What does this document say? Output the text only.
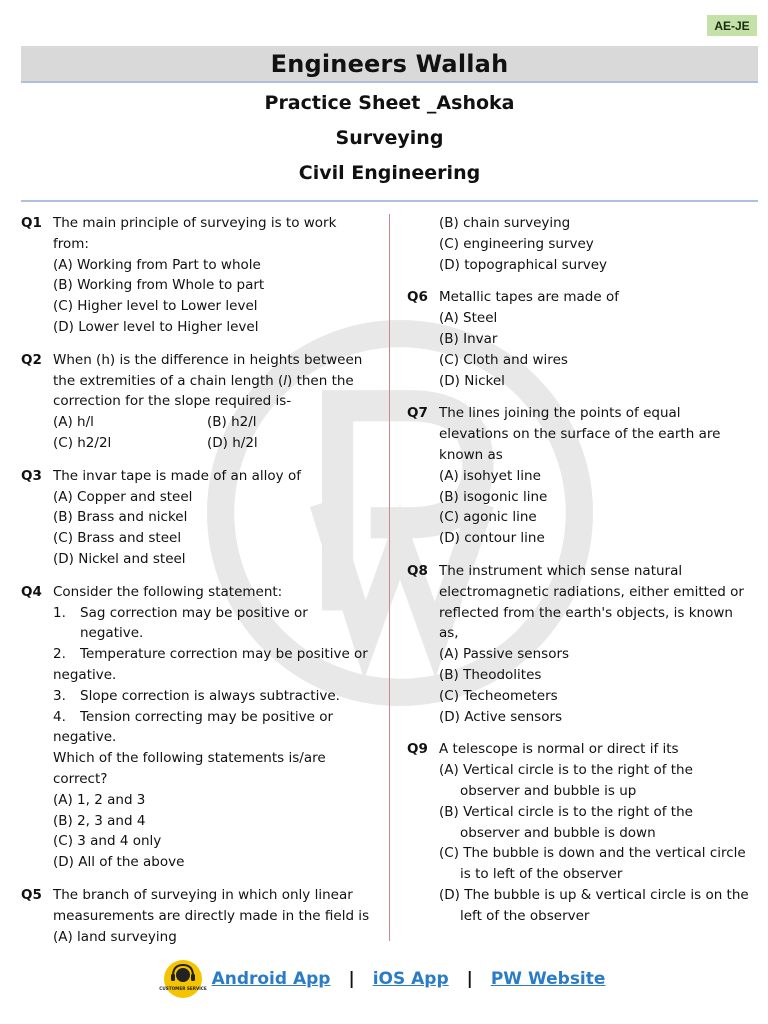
AE-JE
Engineers Wallah
Practice Sheet _Ashoka
Surveying
Civil Engineering
Q1 The main principle of surveying is to work from:
(A) Working from Part to whole
(B) Working from Whole to part
(C) Higher level to Lower level
(D) Lower level to Higher level
Q2 When (h) is the difference in heights between the extremities of a chain length (l) then the correction for the slope required is-
(A) h/l	(B) h2/l
(C) h2/2l	(D) h/2l
Q3 The invar tape is made of an alloy of
(A) Copper and steel
(B) Brass and nickel
(C) Brass and steel
(D) Nickel and steel
Q4 Consider the following statement:
1.	Sag correction may be positive or negative.
2. Temperature correction may be positive or negative.
3.	Slope correction is always subtractive.
4. Tension correcting may be positive or negative.
Which of the following statements is/are correct?
(A) 1, 2 and 3
(B) 2, 3 and 4
(C) 3 and 4 only
(D) All of the above
Q5 The branch of surveying in which only linear measurements are directly made in the field is
(A) land surveying
(B) chain surveying
(C) engineering survey
(D) topographical survey
Q6 Metallic tapes are made of
(A) Steel
(B) Invar
(C) Cloth and wires
(D) Nickel
Q7 The lines joining the points of equal elevations on the surface of the earth are known as
(A) isohyet line
(B) isogonic line
(C) agonic line
(D) contour line
Q8 The instrument which sense natural electromagnetic radiations, either emitted or reflected from the earth's objects, is known as,
(A) Passive sensors
(B) Theodolites
(C) Techeometers
(D) Active sensors
Q9 A telescope is normal or direct if its
(A) Vertical circle is to the right of the observer and bubble is up
(B) Vertical circle is to the right of the observer and bubble is down
(C) The bubble is down and the vertical circle is to left of the observer
(D) The bubble is up & vertical circle is on the left of the observer
CUSTOMER SERVICE Android App | iOS App | PW Website
